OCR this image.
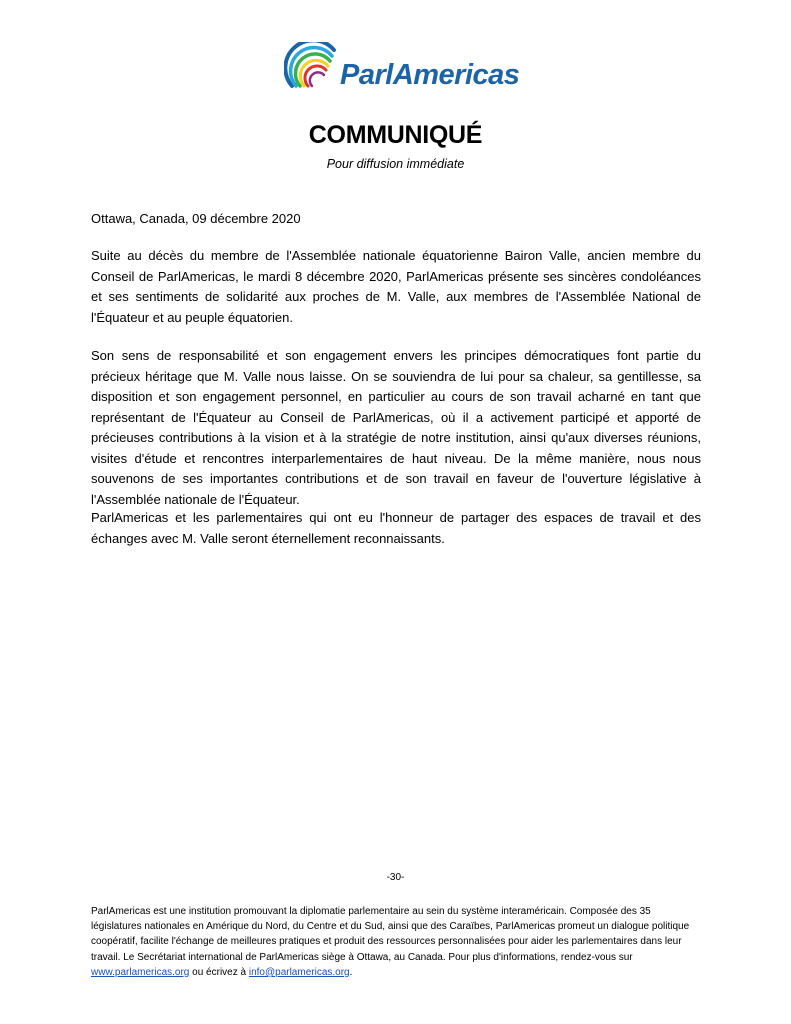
ParlAmericas
COMMUNIQUÉ
Pour diffusion immédiate
Ottawa, Canada, 09 décembre 2020

Suite au décès du membre de l'Assemblée nationale équatorienne Bairon Valle, ancien membre du Conseil de ParlAmericas, le mardi 8 décembre 2020, ParlAmericas présente ses sincères condoléances et ses sentiments de solidarité aux proches de M. Valle, aux membres de l'Assemblée National de l'Équateur et au peuple équatorien.

Son sens de responsabilité et son engagement envers les principes démocratiques font partie du précieux héritage que M. Valle nous laisse. On se souviendra de lui pour sa chaleur, sa gentillesse, sa disposition et son engagement personnel, en particulier au cours de son travail acharné en tant que représentant de l'Équateur au Conseil de ParlAmericas, où il a activement participé et apporté de précieuses contributions à la vision et à la stratégie de notre institution, ainsi qu'aux diverses réunions, visites d'étude et rencontres interparlementaires de haut niveau. De la même manière, nous nous souvenons de ses importantes contributions et de son travail en faveur de l'ouverture législative à l'Assemblée nationale de l'Équateur.

ParlAmericas et les parlementaires qui ont eu l'honneur de partager des espaces de travail et des échanges avec M. Valle seront éternellement reconnaissants.

-30-

ParlAmericas est une institution promouvant la diplomatie parlementaire au sein du système interaméricain. Composée des 35 législatures nationales en Amérique du Nord, du Centre et du Sud, ainsi que des Caraïbes, ParlAmericas promeut un dialogue politique coopératif, facilite l'échange de meilleures pratiques et produit des ressources personnalisées pour aider les parlementaires dans leur travail. Le Secrétariat international de ParlAmericas siège à Ottawa, au Canada. Pour plus d'informations, rendez-vous sur www.parlamericas.org ou écrivez à info@parlamericas.org.
